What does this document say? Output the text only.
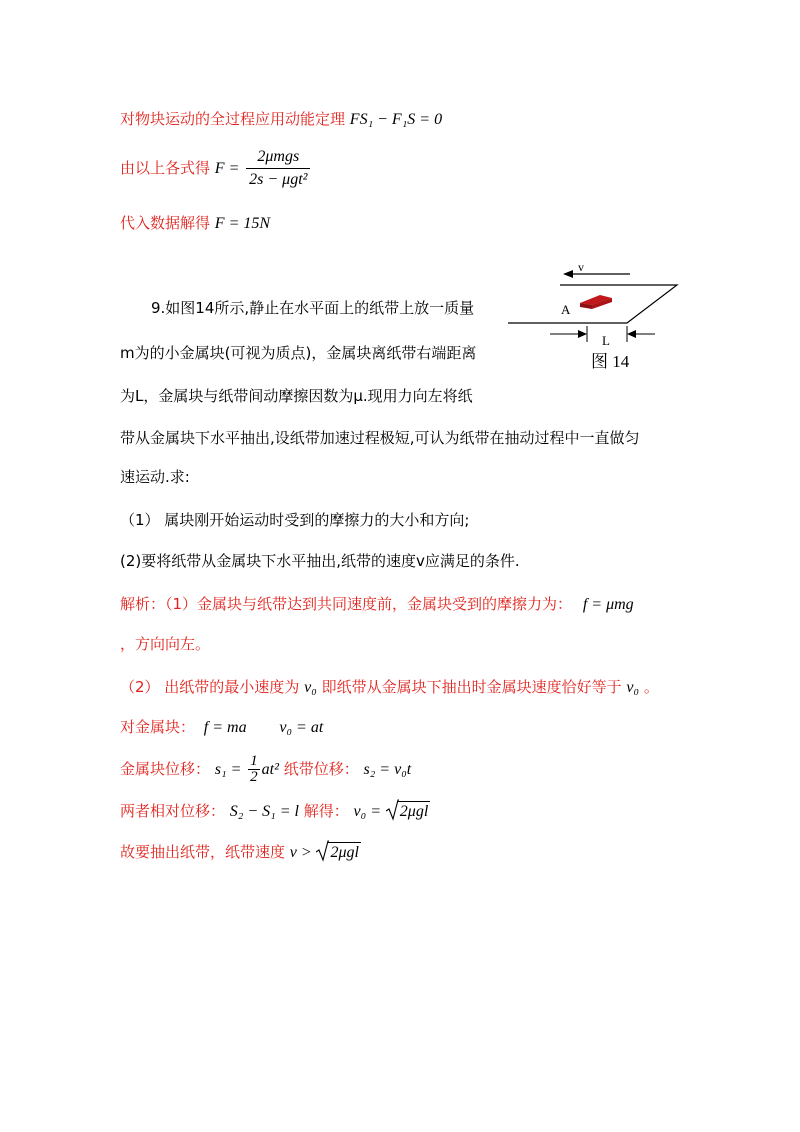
对物块运动的全过程应用动能定理 FS₁ − F₁S = 0
由以上各式得 $F = \frac{\text{2μmgs}}{\text{2s − μgt²}}$
代入数据解得 F = 15N
9.如图14所示,静止在水平面上的纸带上放一质量
m为的小金属块(可视为质点)，金属块离纸带右端距离
为L，金属块与纸带间动摩擦因数为μ.现用力向左将纸
带从金属块下水平抽出,设纸带加速过程极短,可认为纸带在抽动过程中一直做匀
速运动.求:
（1） 属块刚开始运动时受到的摩擦力的大小和方向;
(2)要将纸带从金属块下水平抽出,纸带的速度v应满足的条件.
v
A
L
图 14
解析：（1）金属块与纸带达到共同速度前，金属块受到的摩擦力为： f = μmg
，方向向左。
（2） 出纸带的最小速度为 v₀ 即纸带从金属块下抽出时金属块速度恰好等于 v₀ 。
对金属块： f = ma v₀ = at
金属块位移： $s_1 = \frac{1}{2} at^2$ 纸带位移： s₂ = v₀t
两者相对位移： S₂ − S₁ = l 解得： v₀ = 2μgl
故要抽出纸带，纸带速度 v > 2μgl
